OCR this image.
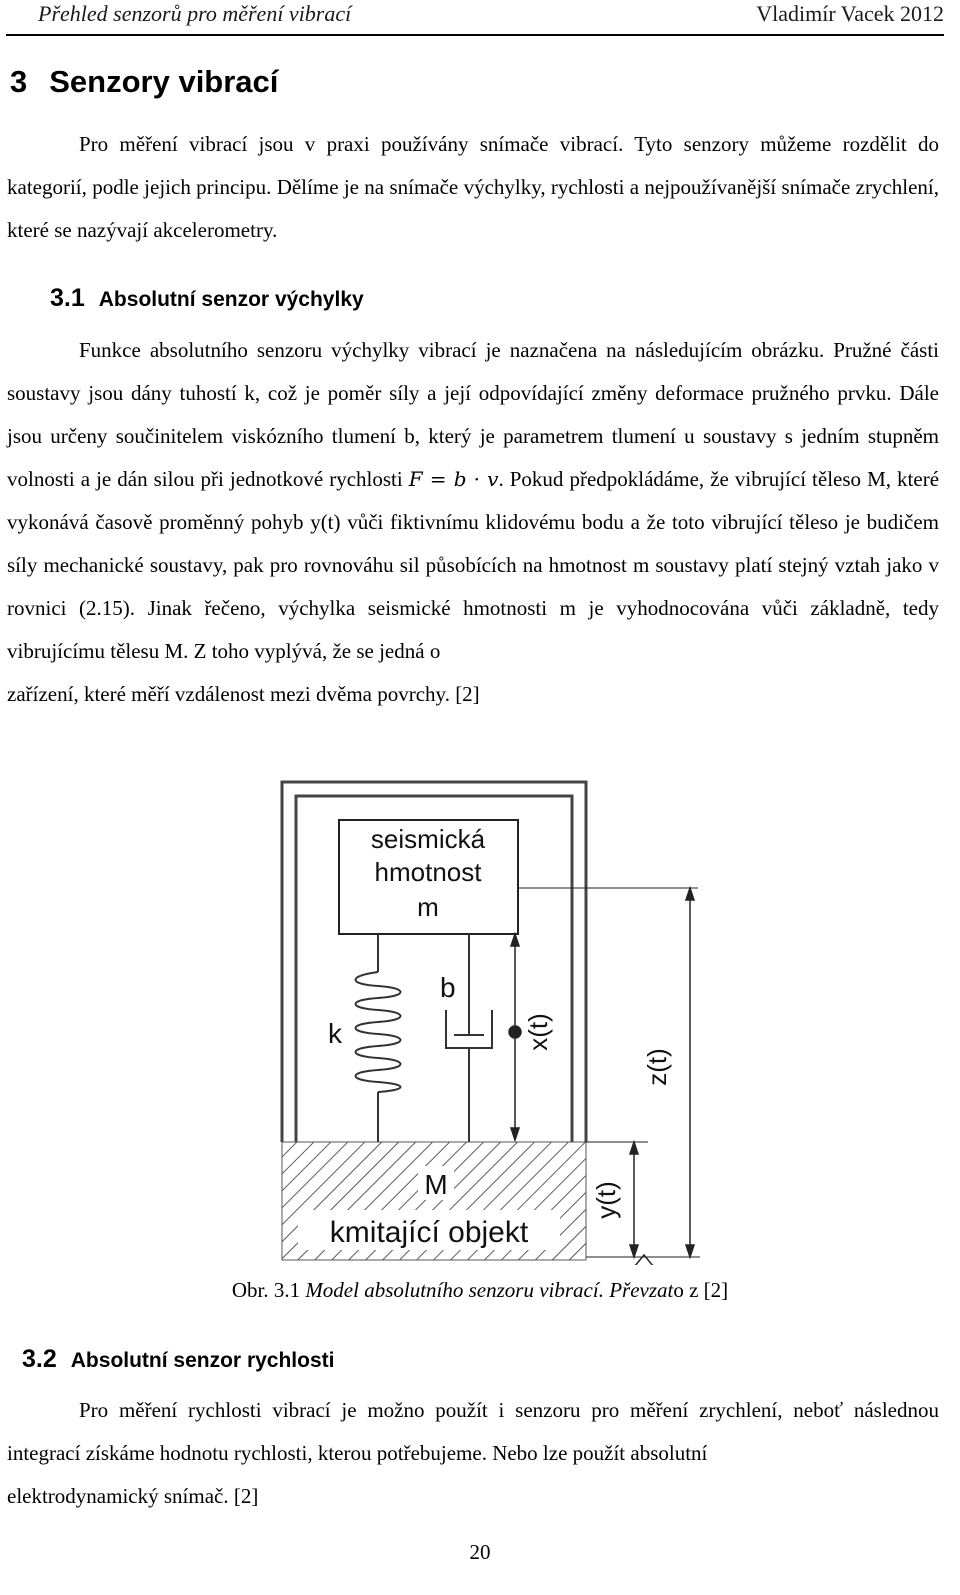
Přehled senzorů pro měření vibrací	Vladimír Vacek 2012
3 Senzory vibrací
Pro měření vibrací jsou v praxi používány snímače vibrací. Tyto senzory můžeme rozdělit do kategorií, podle jejich principu. Dělíme je na snímače výchylky, rychlosti a nejpoužívanější snímače zrychlení, které se nazývají akcelerometry.
3.1 Absolutní senzor výchylky
Funkce absolutního senzoru výchylky vibrací je naznačena na následujícím obrázku. Pružné části soustavy jsou dány tuhostí k, což je poměr síly a její odpovídající změny deformace pružného prvku. Dále jsou určeny součinitelem viskózního tlumení b, který je parametrem tlumení u soustavy s jedním stupněm volnosti a je dán silou při jednotkové rychlosti F = b · v. Pokud předpokládáme, že vibrující těleso M, které vykonává časově proměnný pohyb y(t) vůči fiktivnímu klidovému bodu a že toto vibrující těleso je budičem síly mechanické soustavy, pak pro rovnováhu sil působících na hmotnost m soustavy platí stejný vztah jako v rovnici (2.15). Jinak řečeno, výchylka seismické hmotnosti m je vyhodnocována vůči základně, tedy vibrujícímu tělesu M. Z toho vyplývá, že se jedná o
zařízení, které měří vzdálenost mezi dvěma povrchy. [2]
seismická
hmotnost
m
k
b
x(t)
M
kmitající objekt
z(t)
y(t)
Obr. 3.1 Model absolutního senzoru vibrací. Převzato z [2]
3.2 Absolutní senzor rychlosti
Pro měření rychlosti vibrací je možno použít i senzoru pro měření zrychlení, neboť následnou integrací získáme hodnotu rychlosti, kterou potřebujeme. Nebo lze použít absolutní
elektrodynamický snímač. [2]
20
